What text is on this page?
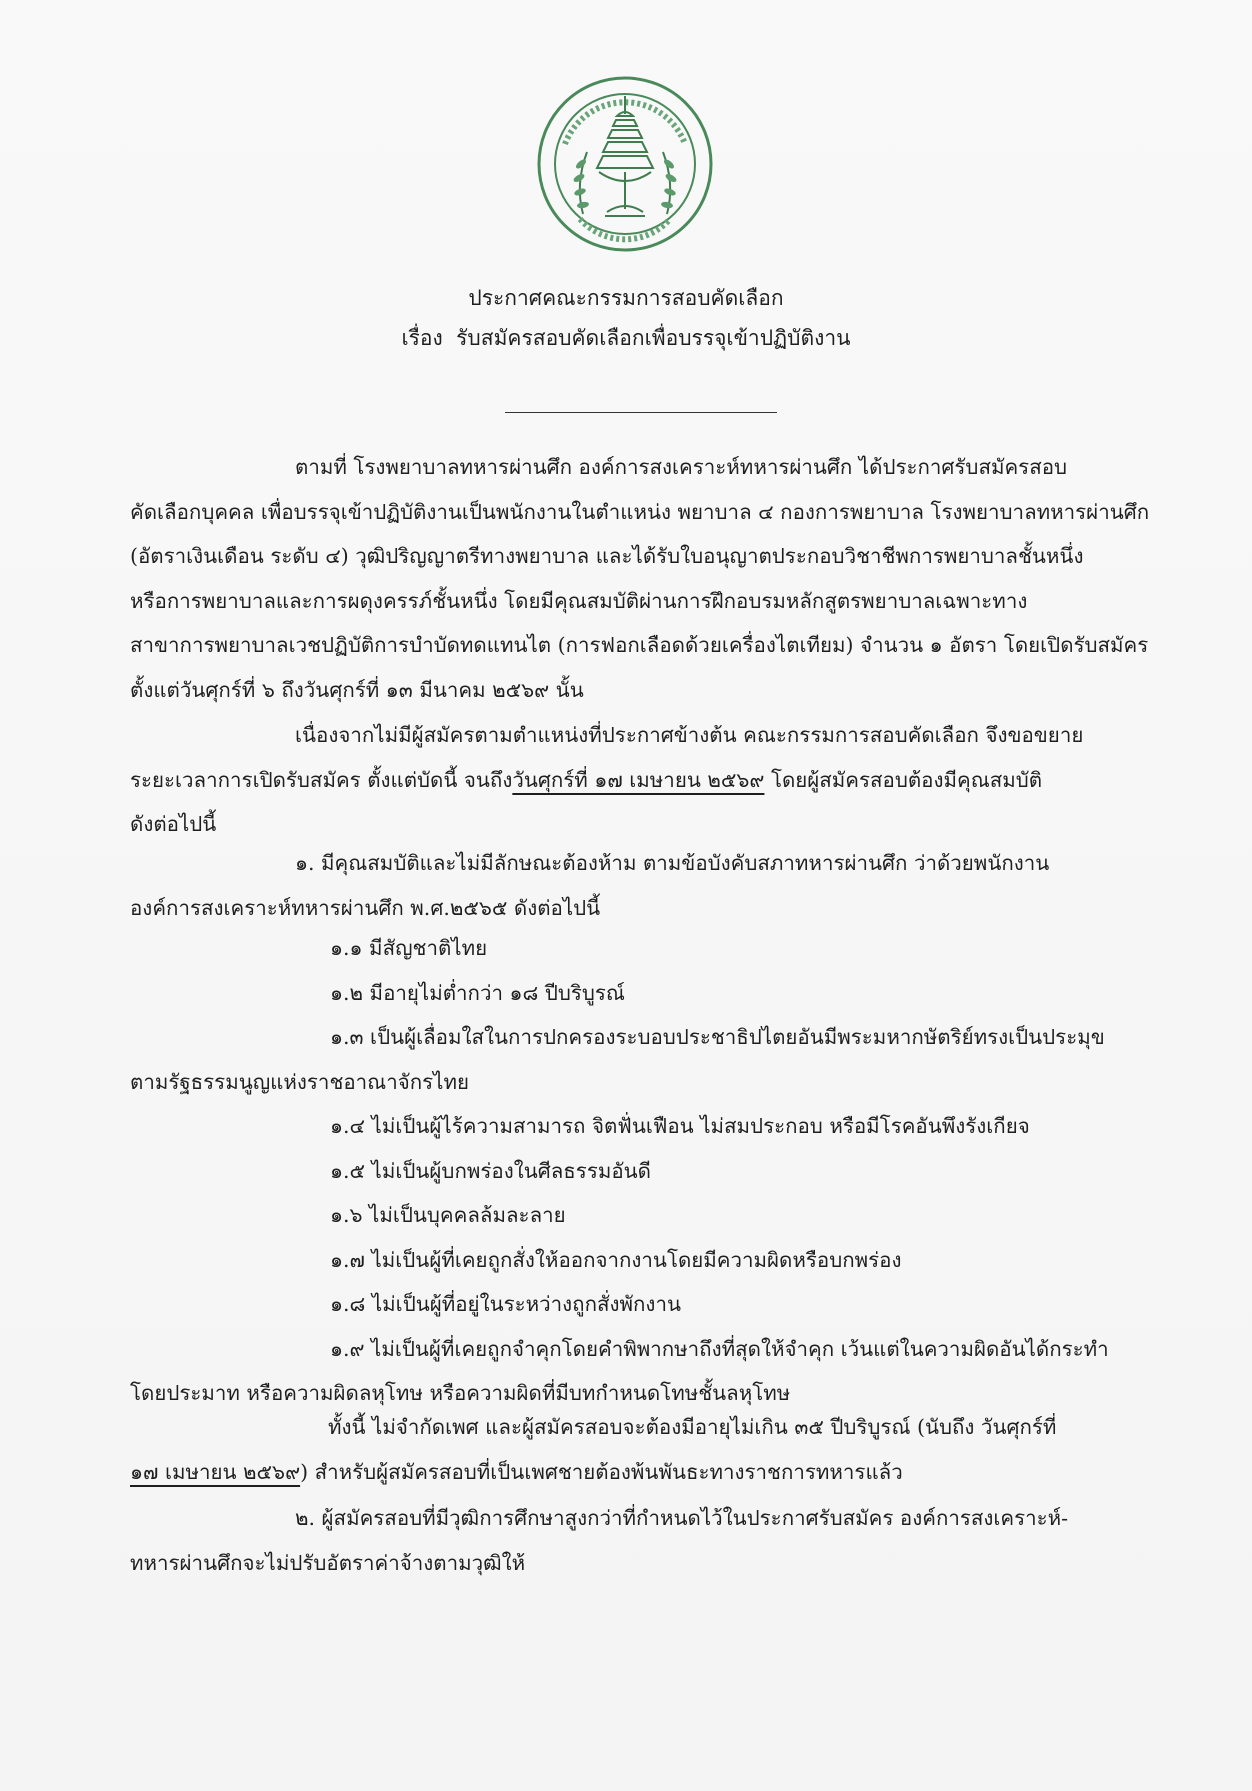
ประกาศคณะกรรมการสอบคัดเลือก
เรื่อง รับสมัครสอบคัดเลือกเพื่อบรรจุเข้าปฏิบัติงาน
ตามที่ โรงพยาบาลทหารผ่านศึก องค์การสงเคราะห์ทหารผ่านศึก ได้ประกาศรับสมัครสอบ
คัดเลือกบุคคล เพื่อบรรจุเข้าปฏิบัติงานเป็นพนักงานในตำแหน่ง พยาบาล ๔ กองการพยาบาล โรงพยาบาลทหารผ่านศึก
(อัตราเงินเดือน ระดับ ๔) วุฒิปริญญาตรีทางพยาบาล และได้รับใบอนุญาตประกอบวิชาชีพการพยาบาลชั้นหนึ่ง
หรือการพยาบาลและการผดุงครรภ์ชั้นหนึ่ง โดยมีคุณสมบัติผ่านการฝึกอบรมหลักสูตรพยาบาลเฉพาะทาง
สาขาการพยาบาลเวชปฏิบัติการบำบัดทดแทนไต (การฟอกเลือดด้วยเครื่องไตเทียม) จำนวน ๑ อัตรา โดยเปิดรับสมัคร
ตั้งแต่วันศุกร์ที่ ๖ ถึงวันศุกร์ที่ ๑๓ มีนาคม ๒๕๖๙ นั้น
เนื่องจากไม่มีผู้สมัครตามตำแหน่งที่ประกาศข้างต้น คณะกรรมการสอบคัดเลือก จึงขอขยาย
ระยะเวลาการเปิดรับสมัคร ตั้งแต่บัดนี้ จนถึงวันศุกร์ที่ ๑๗ เมษายน ๒๕๖๙ โดยผู้สมัครสอบต้องมีคุณสมบัติ
ดังต่อไปนี้
๑. มีคุณสมบัติและไม่มีลักษณะต้องห้าม ตามข้อบังคับสภาทหารผ่านศึก ว่าด้วยพนักงาน
องค์การสงเคราะห์ทหารผ่านศึก พ.ศ.๒๕๖๕ ดังต่อไปนี้
๑.๑ มีสัญชาติไทย
๑.๒ มีอายุไม่ต่ำกว่า ๑๘ ปีบริบูรณ์
๑.๓ เป็นผู้เลื่อมใสในการปกครองระบอบประชาธิปไตยอันมีพระมหากษัตริย์ทรงเป็นประมุข
ตามรัฐธรรมนูญแห่งราชอาณาจักรไทย
๑.๔ ไม่เป็นผู้ไร้ความสามารถ จิตฟั่นเฟือน ไม่สมประกอบ หรือมีโรคอันพึงรังเกียจ
๑.๕ ไม่เป็นผู้บกพร่องในศีลธรรมอันดี
๑.๖ ไม่เป็นบุคคลล้มละลาย
๑.๗ ไม่เป็นผู้ที่เคยถูกสั่งให้ออกจากงานโดยมีความผิดหรือบกพร่อง
๑.๘ ไม่เป็นผู้ที่อยู่ในระหว่างถูกสั่งพักงาน
๑.๙ ไม่เป็นผู้ที่เคยถูกจำคุกโดยคำพิพากษาถึงที่สุดให้จำคุก เว้นแต่ในความผิดอันได้กระทำ
โดยประมาท หรือความผิดลหุโทษ หรือความผิดที่มีบทกำหนดโทษชั้นลหุโทษ
ทั้งนี้ ไม่จำกัดเพศ และผู้สมัครสอบจะต้องมีอายุไม่เกิน ๓๕ ปีบริบูรณ์ (นับถึง วันศุกร์ที่
๑๗ เมษายน ๒๕๖๙) สำหรับผู้สมัครสอบที่เป็นเพศชายต้องพ้นพันธะทางราชการทหารแล้ว
๒. ผู้สมัครสอบที่มีวุฒิการศึกษาสูงกว่าที่กำหนดไว้ในประกาศรับสมัคร องค์การสงเคราะห์-
ทหารผ่านศึกจะไม่ปรับอัตราค่าจ้างตามวุฒิให้
